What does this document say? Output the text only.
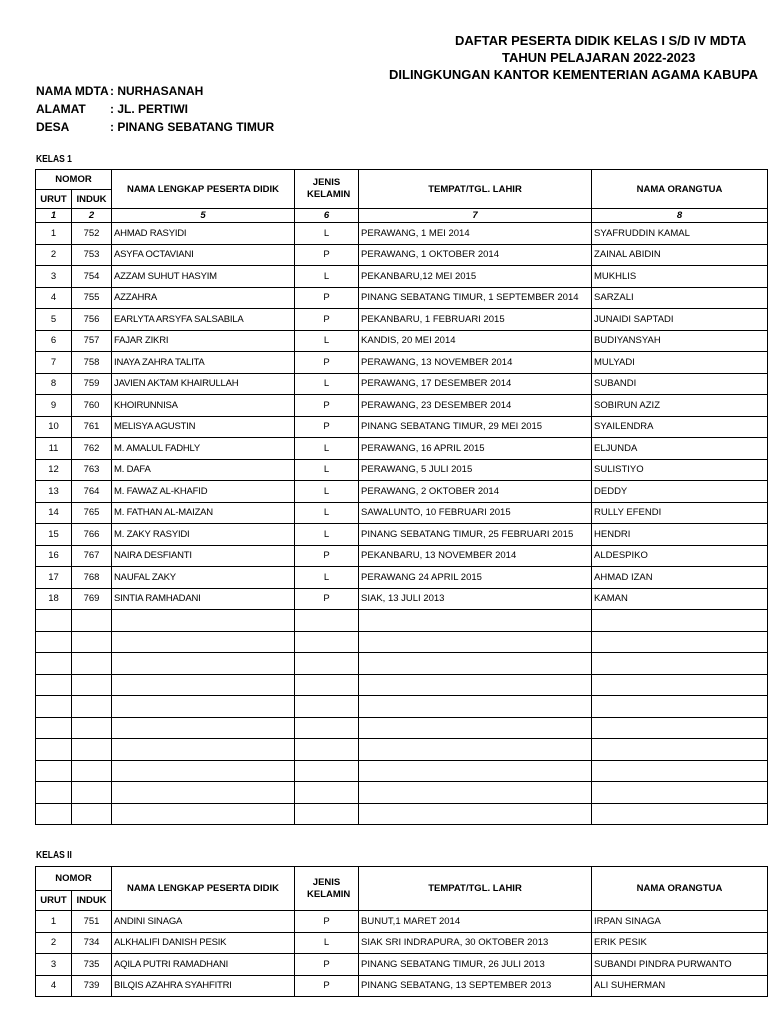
DAFTAR PESERTA DIDIK KELAS I S/D IV MDTA
TAHUN PELAJARAN 2022-2023
DILINGKUNGAN KANTOR KEMENTERIAN AGAMA KABUPA
NAMA MDTA: NURHASANAH
ALAMAT : JL. PERTIWI
DESA	: PINANG SEBATANG TIMUR
KELAS 1
NOMOR		NAMA LENGKAP PESERTA DIDIK	JENIS KELAMIN	TEMPAT/TGL. LAHIR	NAMA ORANGTUA
URUT	INDUK				
1	2	5	6	7	8
1	752	AHMAD RASYIDI	L	PERAWANG, 1 MEI 2014	SYAFRUDDIN KAMAL
2	753	ASYFA OCTAVIANI	P	PERAWANG, 1 OKTOBER 2014	ZAINAL ABIDIN
3	754	AZZAM SUHUT HASYIM	L	PEKANBARU,12 MEI 2015	MUKHLIS
4	755	AZZAHRA	P	PINANG SEBATANG TIMUR, 1 SEPTEMBER 2014	SARZALI
5	756	EARLYTA ARSYFA SALSABILA	P	PEKANBARU, 1 FEBRUARI 2015	JUNAIDI SAPTADI
6	757	FAJAR ZIKRI	L	KANDIS, 20 MEI 2014	BUDIYANSYAH
7	758	INAYA ZAHRA TALITA	P	PERAWANG, 13 NOVEMBER 2014	MULYADI
8	759	JAVIEN AKTAM KHAIRULLAH	L	PERAWANG, 17 DESEMBER 2014	SUBANDI
9	760	KHOIRUNNISA	P	PERAWANG, 23 DESEMBER 2014	SOBIRUN AZIZ
10	761	MELISYA AGUSTIN	P	PINANG SEBATANG TIMUR, 29 MEI 2015	SYAILENDRA
11	762	M. AMALUL FADHLY	L	PERAWANG, 16 APRIL 2015	ELJUNDA
12	763	M. DAFA	L	PERAWANG, 5 JULI 2015	SULISTIYO
13	764	M. FAWAZ AL-KHAFID	L	PERAWANG, 2 OKTOBER 2014	DEDDY
14	765	M. FATHAN AL-MAIZAN	L	SAWALUNTO, 10 FEBRUARI 2015	RULLY EFENDI
15	766	M. ZAKY RASYIDI	L	PINANG SEBATANG TIMUR, 25 FEBRUARI 2015	HENDRI
16	767	NAIRA DESFIANTI	P	PEKANBARU, 13 NOVEMBER 2014	ALDESPIKO
17	768	NAUFAL ZAKY	L	PERAWANG 24 APRIL 2015	AHMAD IZAN
18	769	SINTIA RAMHADANI	P	SIAK, 13 JULI 2013	KAMAN

KELAS II
NOMOR		NAMA LENGKAP PESERTA DIDIK	JENIS KELAMIN	TEMPAT/TGL. LAHIR	NAMA ORANGTUA
URUT	INDUK				
1	751	ANDINI SINAGA	P	BUNUT,1 MARET 2014	IRPAN SINAGA
2	734	ALKHALIFI DANISH PESIK	L	SIAK SRI INDRAPURA, 30 OKTOBER 2013	ERIK PESIK
3	735	AQILA PUTRI RAMADHANI	P	PINANG SEBATANG TIMUR, 26 JULI 2013	SUBANDI PINDRA PURWANTO
4	739	BILQIS AZAHRA SYAHFITRI	P	PINANG SEBATANG, 13 SEPTEMBER 2013	ALI SUHERMAN
